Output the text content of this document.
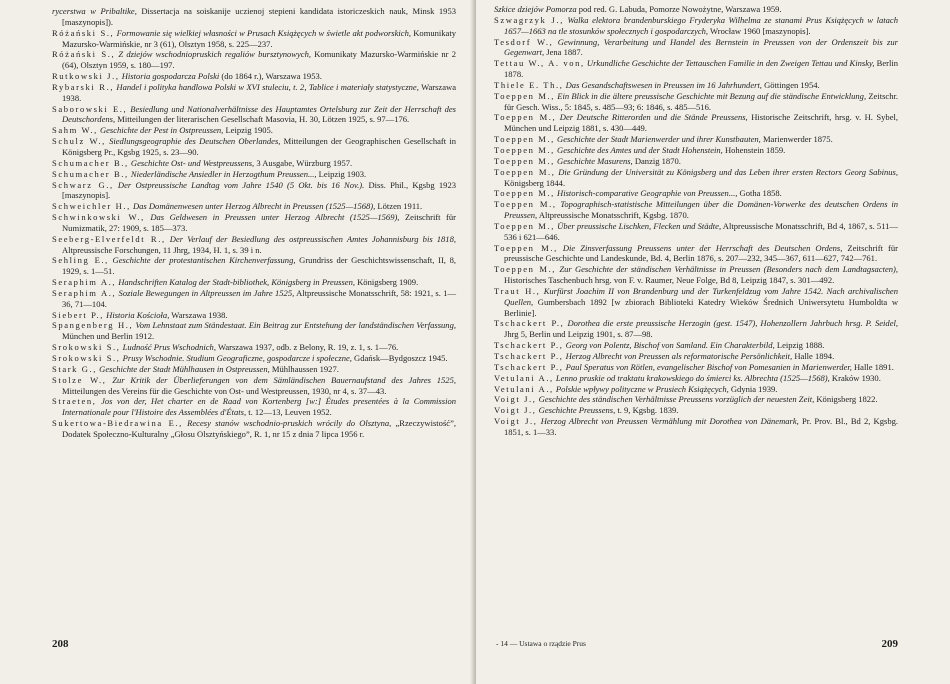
rycerstwa w Pribaltike, Dissertacja na soiskanije uczienoj stepieni kandidata istoriczeskich nauk, Minsk 1953 [maszynopis]).

Różański S., Formowanie się wielkiej własności w Prusach Książęcych w świetle akt podworskich, Komunikaty Mazursko-Warmińskie, nr 3 (61), Olsztyn 1958, s. 225—237.

Różański S., Z dziejów wschodniopruskich regaliów bursztynowych, Komunikaty Mazursko-Warmińskie nr 2 (64), Olsztyn 1959, s. 180—197.

Rutkowski J., Historia gospodarcza Polski (do 1864 r.), Warszawa 1953.

Rybarski R., Handel i polityka handlowa Polski w XVI stuleciu, t. 2, Tablice i materiały statystyczne, Warszawa 1938.

Saborowski E., Besiedlung und Nationalverhältnisse des Hauptamtes Ortelsburg zur Zeit der Herrschaft des Deutschordens, Mitteilungen der literarischen Gesellschaft Masovia, H. 30, Lötzen 1925, s. 97—176.

Sahm W., Geschichte der Pest in Ostpreussen, Leipzig 1905.

Schulz W., Siedlungsgeographie des Deutschen Oberlandes, Mitteilungen der Geographischen Gesellschaft in Königsberg Pr., Kgsbg 1925, s. 23—90.

Schumacher B., Geschichte Ost- und Westpreussens, 3 Ausgabe, Würzburg 1957.

Schumacher B., Niederländische Ansiedler in Herzogthum Preussen..., Leipzig 1903.

Schwarz G., Der Ostpreussische Landtag vom Jahre 1540 (5 Okt. bis 16 Nov.). Diss. Phil., Kgsbg 1923 [maszynopis].

Schweichler H., Das Domänenwesen unter Herzog Albrecht in Preussen (1525—1568), Lötzen 1911.

Schwinkowski W., Das Geldwesen in Preussen unter Herzog Albrecht (1525—1569), Zeitschrift für Numizmatik, 27: 1909, s. 185—373.

Seeberg-Elverfeldt R., Der Verlauf der Besiedlung des ostpreussischen Amtes Johannisburg bis 1818, Altpreussische Forschungen, 11 Jhrg, 1934, H. 1, s. 39 i n.

Sehling E., Geschichte der protestantischen Kirchenverfassung, Grundriss der Geschichtswissenschaft, II, 8, 1929, s. 1—51.

Seraphim A., Handschriften Katalog der Stadt-bibliothek, Königsberg in Preussen, Königsberg 1909.

Seraphim A., Soziale Bewegungen in Altpreussen im Jahre 1525, Altpreussische Monatsschrift, 58: 1921, s. 1—36, 71—104.

Siebert P., Historia Kościoła, Warszawa 1938.

Spangenberg H., Vom Lehnstaat zum Ständestaat. Ein Beitrag zur Entstehung der landständischen Verfassung, München und Berlin 1912.

Srokowski S., Ludność Prus Wschodnich, Warszawa 1937, odb. z Belony, R. 19, z. 1, s. 1—76.

Srokowski S., Prusy Wschodnie. Studium Geograficzne, gospodarcze i społeczne, Gdańsk—Bydgoszcz 1945.

Stark G., Geschichte der Stadt Mühlhausen in Ostpreussen, Mühlhaussen 1927.

Stolze W., Zur Kritik der Überlieferungen von dem Sämländischen Bauernaufstand des Jahres 1525, Mitteilungen des Vereins für die Geschichte von Ost- und Westpreussen, 1930, nr 4, s. 37—43.

Straeten, Jos von der, Het charter en de Raad von Kortenberg [w:] Études presentées à la Commission Internationale pour l'Histoire des Assemblées d'États, t. 12—13, Leuven 1952.

Sukertowa-Biedrawina E., Recesy stanów wschodnio-pruskich wrócily do Olsztyna, „Rzeczywistość”, Dodatek Społeczno-Kulturalny „Głosu Olsztyńskiego”, R. 1, nr 15 z dnia 7 lipca 1956 r.

208

Szkice dziejów Pomorza pod red. G. Labuda, Pomorze Nowożytne, Warszawa 1959.

Szwagrzyk J., Walka elektora brandenburskiego Fryderyka Wilhelma ze stanami Prus Książęcych w latach 1657—1663 na tle stosunków społecznych i gospodarczych, Wrocław 1960 [maszynopis].

Tesdorf W., Gewinnung, Verarbeitung und Handel des Bernstein in Preussen von der Ordenszeit bis zur Gegenwart, Jena 1887.

Tettau W., A. von, Urkundliche Geschichte der Tettauschen Familie in den Zweigen Tettau und Kinsky, Berlin 1878.

Thiele E. Th., Das Gesandschaftswesen in Preussen im 16 Jahrhundert, Göttingen 1954.

Toeppen M., Ein Blick in die ältere preussische Geschichte mit Bezung auf die ständische Entwicklung, Zeitschr. für Gesch. Wiss., 5: 1845, s. 485—93; 6: 1846, s. 485—516.

Toeppen M., Der Deutsche Ritterorden und die Stände Preussens, Historische Zeitschrift, hrsg. v. H. Sybel, München und Leipzig 1881, s. 430—449.

Toeppen M., Geschichte der Stadt Marienwerder und ihrer Kunstbauten, Marienwerder 1875.

Toeppen M., Geschichte des Amtes und der Stadt Hohenstein, Hohenstein 1859.

Toeppen M., Geschichte Masurens, Danzig 1870.

Toeppen M., Die Gründung der Universität zu Königsberg und das Leben ihrer ersten Rectors Georg Sabinus, Königsberg 1844.

Toeppen M., Historisch-comparative Geographie von Preussen..., Gotha 1858.

Toeppen M., Topographisch-statistische Mitteilungen über die Domänen-Vorwerke des deutschen Ordens in Preussen, Altpreussische Monatsschrift, Kgsbg. 1870.

Toeppen M., Über preussische Lischken, Flecken und Städte, Altpreussische Monatsschrift, Bd 4, 1867, s. 511—536 i 621—646.

Toeppen M., Die Zinsverfassung Preussens unter der Herrschaft des Deutschen Ordens, Zeitschrift für preussische Geschichte und Landeskunde, Bd. 4, Berlin 1876, s. 207—232, 345—367, 611—627, 742—761.

Toeppen M., Zur Geschichte der ständischen Verhältnisse in Preussen (Besonders nach dem Landtagsacten), Historisches Taschenbuch hrsg. von F. v. Raumer, Neue Folge, Bd 8, Leipzig 1847, s. 301—492.

Traut H., Kurfürst Joachim II von Brandenburg und der Turkenfeldzug vom Jahre 1542. Nach archivalischen Quellen, Gumbersbach 1892 [w zbiorach Biblioteki Katedry Wieków Średnich Uniwersytetu Humboldta w Berlinie].

Tschackert P., Dorothea die erste preussische Herzogin (gest. 1547), Hohenzollern Jahrbuch hrsg. P. Seidel, Jhrg 5, Berlin und Leipzig 1901, s. 87—98.

Tschackert P., Georg von Polentz, Bischof von Samland. Ein Charakterbild, Leipzig 1888.

Tschackert P., Herzog Albrecht von Preussen als reformatorische Persönlichkeit, Halle 1894.

Tschackert P., Paul Speratus von Rötlen, evangelischer Bischof von Pomesanien in Marienwerder, Halle 1891.

Vetulani A., Lenno pruskie od traktatu krakowskiego do śmierci ks. Albrechta (1525—1568), Kraków 1930.

Vetulani A., Polskie wpływy polityczne w Prusiech Książęcych, Gdynia 1939.

Voigt J., Geschichte des ständischen Verhältnisse Preussens vorzüglich der neuesten Zeit, Königsberg 1822.

Voigt J., Geschichte Preussens, t. 9, Kgsbg. 1839.

Voigt J., Herzog Albrecht von Preussen Vermählung mit Dorothea von Dänemark, Pr. Prov. Bl., Bd 2, Kgsbg. 1851, s. 1—33.

- 14 — Ustawa o rządzie Prus	209
